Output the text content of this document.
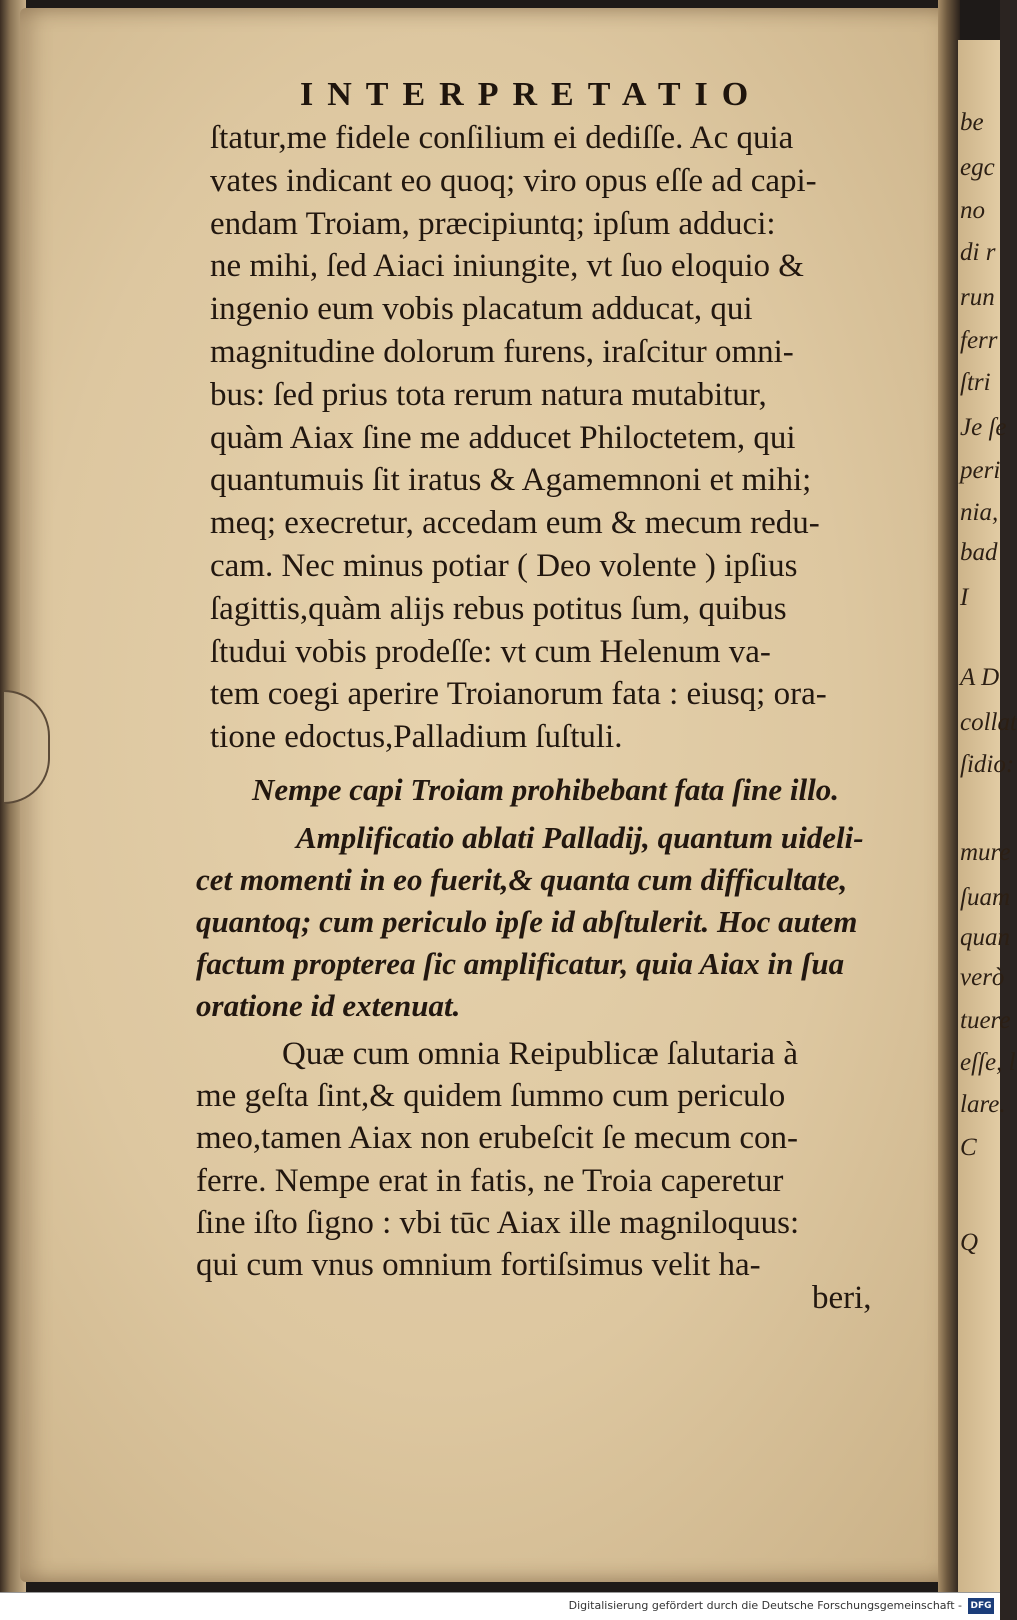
be
egc
no
di r
run
ferr
ſtri
Je ſe
peri
nia,
bad
I
A D
collat
ſidio:
mure
ſuam
quan
verò
tuere
eſſe, l
lare.
C
Q
INTERPRETATIO
ſtatur,me fidele conſilium ei dediſſe. Ac quia
vates indicant eo quoq; viro opus eſſe ad capi-
endam Troiam, præcipiuntq; ipſum adduci:
ne mihi, ſed Aiaci iniungite, vt ſuo eloquio &
ingenio eum vobis placatum adducat, qui
magnitudine dolorum furens, iraſcitur omni-
bus: ſed prius tota rerum natura mutabitur,
quàm Aiax ſine me adducet Philoctetem, qui
quantumuis ſit iratus & Agamemnoni et mihi;
meq; execretur, accedam eum & mecum redu-
cam. Nec minus potiar ( Deo volente ) ipſius
ſagittis,quàm alijs rebus potitus ſum, quibus
ſtudui vobis prodeſſe: vt cum Helenum va-
tem coegi aperire Troianorum fata : eiusq; ora-
tione edoctus,Palladium ſuſtuli.
Nempe capi Troiam prohibebant fata ſine illo.
Amplificatio ablati Palladij, quantum uideli-
cet momenti in eo fuerit,& quanta cum difficultate,
quantoq; cum periculo ipſe id abſtulerit. Hoc autem
factum propterea ſic amplificatur, quia Aiax in ſua
oratione id extenuat.
Quæ cum omnia Reipublicæ ſalutaria à
me geſta ſint,& quidem ſummo cum periculo
meo,tamen Aiax non erubeſcit ſe mecum con-
ferre. Nempe erat in fatis, ne Troia caperetur
ſine iſto ſigno : vbi tūc Aiax ille magniloquus:
qui cum vnus omnium fortiſsimus velit ha-
beri,
Digitalisierung gefördert durch die Deutsche Forschungsgemeinschaft - DFG
